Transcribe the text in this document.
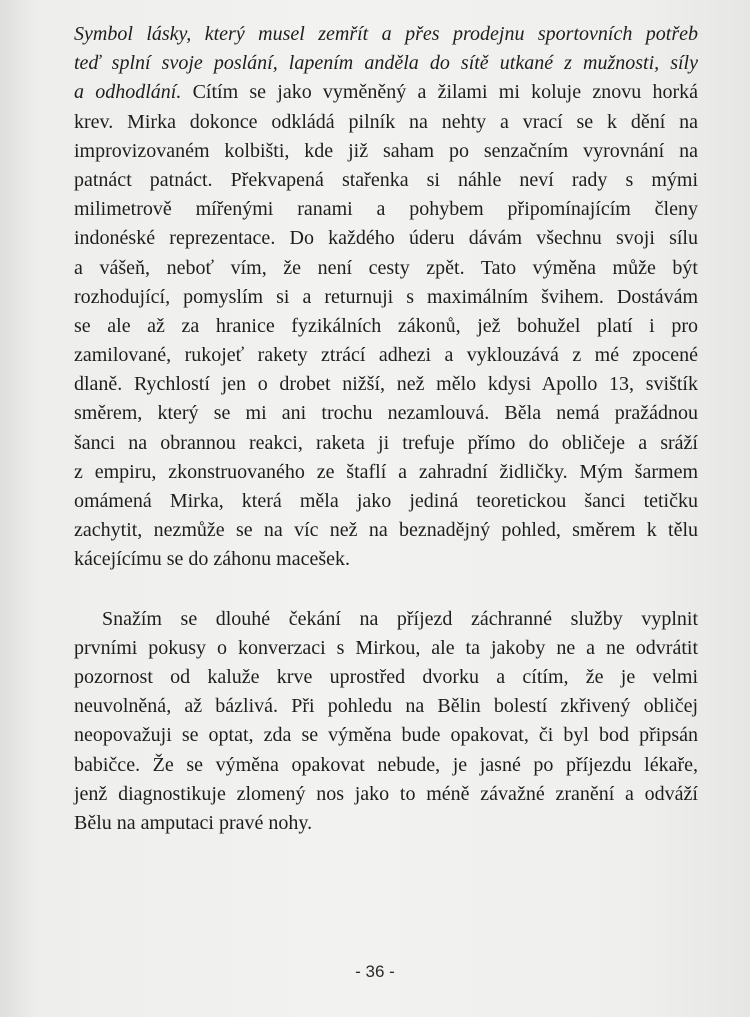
Symbol lásky, který musel zemřít a přes prodejnu sportovních potřeb
teď splní svoje poslání, lapením anděla do sítě utkané z mužnosti, síly
a odhodlání. Cítím se jako vyměněný a žilami mi koluje znovu horká
krev. Mirka dokonce odkládá pilník na nehty a vrací se k dění na
improvizovaném kolbišti, kde již saham po senzačním vyrovnání na
patnáct patnáct. Překvapená stařenka si náhle neví rady s mými
milimetrově mířenými ranami a pohybem připomínajícím členy
indonéské reprezentace. Do každého úderu dávám všechnu svoji sílu
a vášeň, neboť vím, že není cesty zpět. Tato výměna může být
rozhodující, pomyslím si a returnuji s maximálním švihem. Dostávám
se ale až za hranice fyzikálních zákonů, jež bohužel platí i pro
zamilované, rukojeť rakety ztrácí adhezi a vyklouzává z mé zpocené
dlaně. Rychlostí jen o drobet nižší, než mělo kdysi Apollo 13, svištík
směrem, který se mi ani trochu nezamlouvá. Běla nemá pražádnou
šanci na obrannou reakci, raketa ji trefuje přímo do obličeje a sráží
z empiru, zkonstruovaného ze štaflí a zahradní židličky. Mým šarmem
omámená Mirka, která měla jako jediná teoretickou šanci tetičku
zachytit, nezmůže se na víc než na beznadějný pohled, směrem k tělu
kácejícímu se do záhonu macešek.
Snažím se dlouhé čekání na příjezd záchranné služby vyplnit
prvními pokusy o konverzaci s Mirkou, ale ta jakoby ne a ne odvrátit
pozornost od kaluže krve uprostřed dvorku a cítím, že je velmi
neuvolněná, až bázlivá. Při pohledu na Bělin bolestí zkřivený obličej
neopovažuji se optat, zda se výměna bude opakovat, či byl bod připsán
babičce. Že se výměna opakovat nebude, je jasné po příjezdu lékaře,
jenž diagnostikuje zlomený nos jako to méně závažné zranění a odváží
Bělu na amputaci pravé nohy.
- 36 -
